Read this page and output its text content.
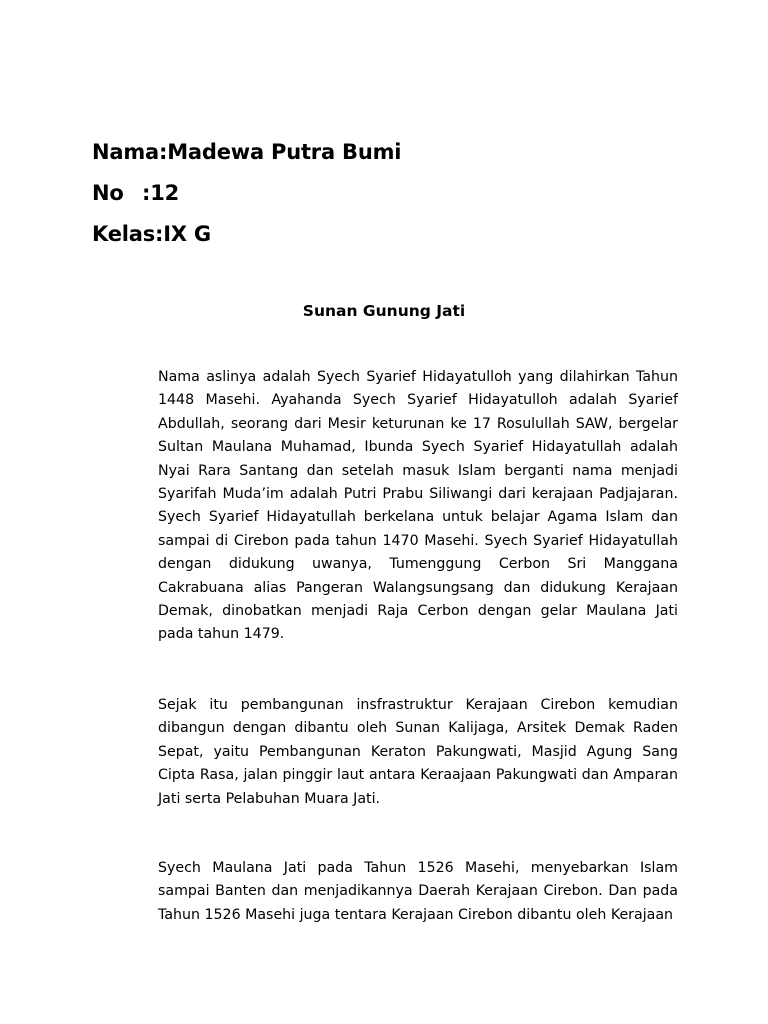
Nama:Madewa Putra Bumi
No :12
Kelas:IX G
Sunan Gunung Jati

Nama aslinya adalah Syech Syarief Hidayatulloh yang dilahirkan Tahun 1448 Masehi. Ayahanda Syech Syarief Hidayatulloh adalah Syarief Abdullah, seorang dari Mesir keturunan ke 17 Rosulullah SAW, bergelar Sultan Maulana Muhamad, Ibunda Syech Syarief Hidayatullah adalah Nyai Rara Santang dan setelah masuk Islam berganti nama menjadi Syarifah Muda’im adalah Putri Prabu Siliwangi dari kerajaan Padjajaran. Syech Syarief Hidayatullah berkelana untuk belajar Agama Islam dan sampai di Cirebon pada tahun 1470 Masehi. Syech Syarief Hidayatullah dengan didukung uwanya, Tumenggung Cerbon Sri Manggana Cakrabuana alias Pangeran Walangsungsang dan didukung Kerajaan Demak, dinobatkan menjadi Raja Cerbon dengan gelar Maulana Jati pada tahun 1479.

Sejak itu pembangunan insfrastruktur Kerajaan Cirebon kemudian dibangun dengan dibantu oleh Sunan Kalijaga, Arsitek Demak Raden Sepat, yaitu Pembangunan Keraton Pakungwati, Masjid Agung Sang Cipta Rasa, jalan pinggir laut antara Keraajaan Pakungwati dan Amparan Jati serta Pelabuhan Muara Jati.

Syech Maulana Jati pada Tahun 1526 Masehi, menyebarkan Islam sampai Banten dan menjadikannya Daerah Kerajaan Cirebon. Dan pada Tahun 1526 Masehi juga tentara Kerajaan Cirebon dibantu oleh Kerajaan
